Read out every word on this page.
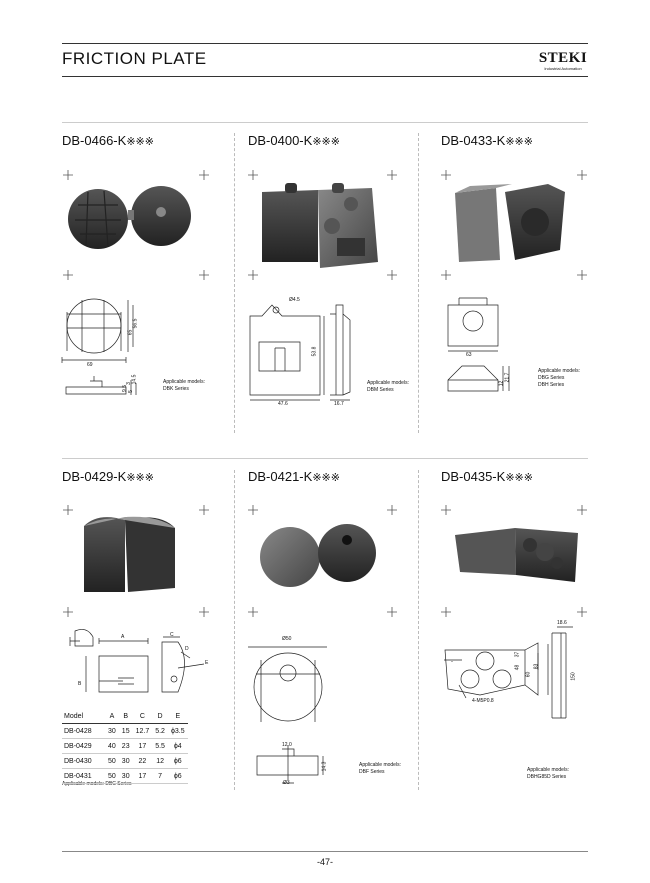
FRICTION PLATE	STEKI
Industrial Automation
DB-0466-K※※※	DB-0400-K※※※	DB-0433-K※※※
DB-0429-K※※※	DB-0421-K※※※	DB-0435-K※※※
69
56.5
65
9.5 5
3 14.5
Ø4.5
53.8
47.6	16.7
63
12
21.7
A
B
C
D
E
Ø50
12.0
14.3
Ø3
18.6
37
48	83
60	150
4-M5P0.8
Applicable models:
DBK Series
Applicable models:
DBM Series
Applicable models:
DBG Series
DBH Series
Applicable models: DBC Series
Applicable models:
DBF Series	Applicable models:
DBHG85D Series
Model	A	B	C	D	E
DB-0428	30	15	12.7	5.2	ϕ3.5
DB-0429	40	23	17	5.5	ϕ4
DB-0430	50	30	22	12	ϕ6
DB-0431	50	30	17	7	ϕ6
-47-
